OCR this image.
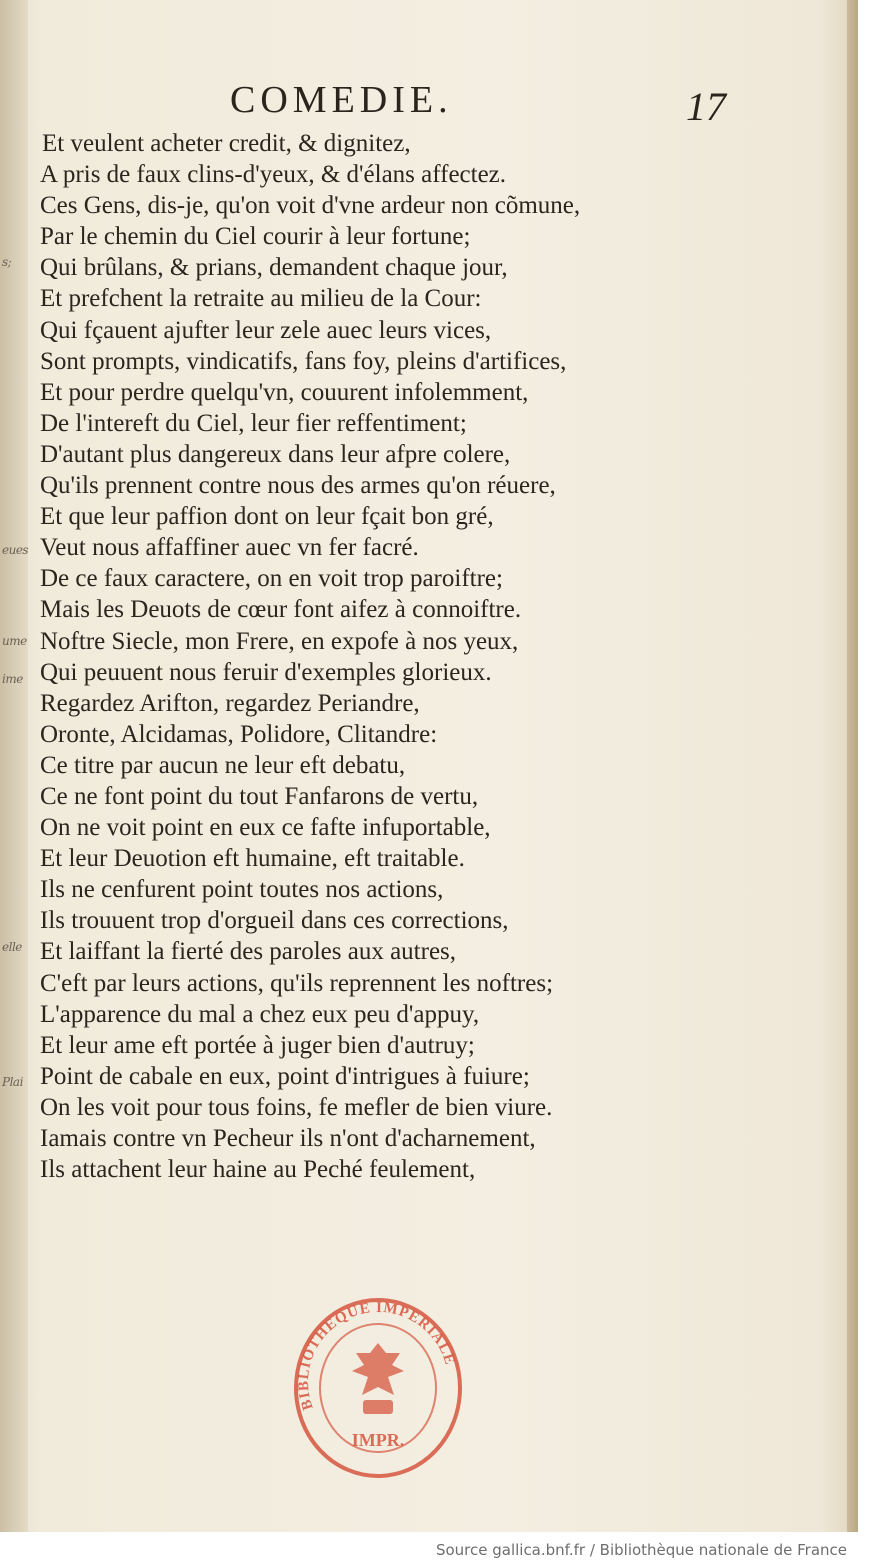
s;
eues
ume
ime
elle
Plai
COMEDIE.	17
Et veulent acheter credit, & dignitez,
A pris de faux clins-d'yeux, & d'élans affectez.
Ces Gens, dis-je, qu'on voit d'vne ardeur non cõmune,
Par le chemin du Ciel courir à leur fortune;
Qui brûlans, & prians, demandent chaque jour,
Et prefchent la retraite au milieu de la Cour:
Qui fçauent ajufter leur zele auec leurs vices,
Sont prompts, vindicatifs, fans foy, pleins d'artifices,
Et pour perdre quelqu'vn, couurent infolemment,
De l'intereft du Ciel, leur fier reffentiment;
D'autant plus dangereux dans leur afpre colere,
Qu'ils prennent contre nous des armes qu'on réuere,
Et que leur paffion dont on leur fçait bon gré,
Veut nous affaffiner auec vn fer facré.
De ce faux caractere, on en voit trop paroiftre;
Mais les Deuots de cœur font aifez à connoiftre.
Noftre Siecle, mon Frere, en expofe à nos yeux,
Qui peuuent nous feruir d'exemples glorieux.
Regardez Arifton, regardez Periandre,
Oronte, Alcidamas, Polidore, Clitandre:
Ce titre par aucun ne leur eft debatu,
Ce ne font point du tout Fanfarons de vertu,
On ne voit point en eux ce fafte infuportable,
Et leur Deuotion eft humaine, eft traitable.
Ils ne cenfurent point toutes nos actions,
Ils trouuent trop d'orgueil dans ces corrections,
Et laiffant la fierté des paroles aux autres,
C'eft par leurs actions, qu'ils reprennent les noftres;
L'apparence du mal a chez eux peu d'appuy,
Et leur ame eft portée à juger bien d'autruy;
Point de cabale en eux, point d'intrigues à fuiure;
On les voit pour tous foins, fe mefler de bien viure.
Iamais contre vn Pecheur ils n'ont d'acharnement,
Ils attachent leur haine au Peché feulement,
BIBLIOTHEQUE IMPERIALE
IMPR.
Source gallica.bnf.fr / Bibliothèque nationale de France
